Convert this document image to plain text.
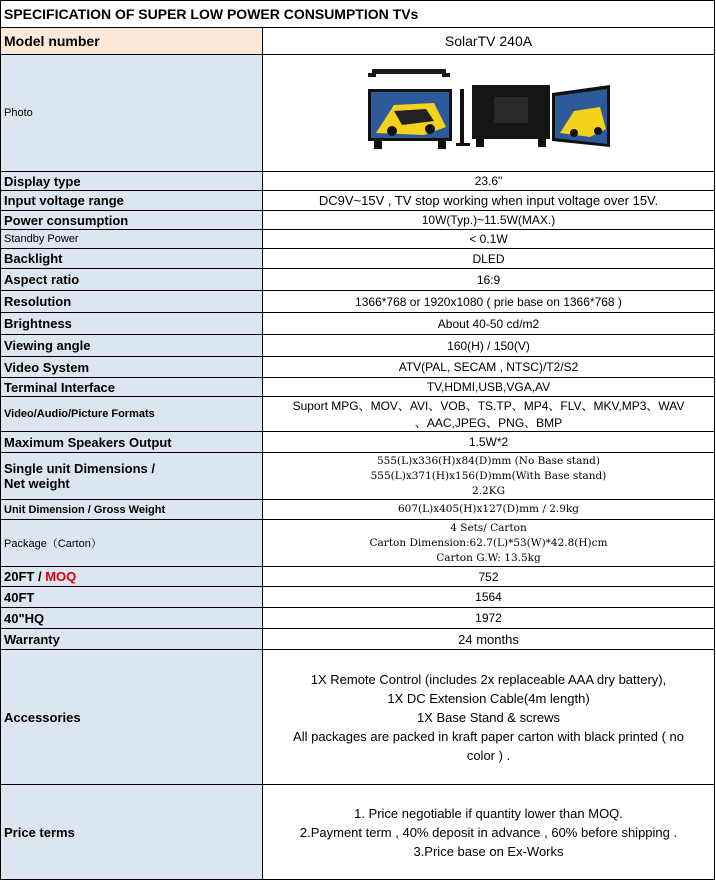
SPECIFICATION OF SUPER LOW POWER CONSUMPTION TVs	
Model number	SolarTV 240A
Photo	

Display type	23.6"
Input voltage range	DC9V~15V , TV stop working when input voltage over 15V.
Power consumption	10W(Typ.)~11.5W(MAX.)
Standby Power	< 0.1W
Backlight	DLED
Aspect ratio	16:9
Resolution	1366*768 or 1920x1080 ( prie base on 1366*768 )
Brightness	About 40-50 cd/m2
Viewing angle	160(H) / 150(V)
Video System	ATV(PAL, SECAM , NTSC)/T2/S2
Terminal Interface	TV,HDMI,USB,VGA,AV
Video/Audio/Picture Formats	Suport MPG、MOV、AVI、VOB、TS.TP、MP4、FLV、MKV,MP3、WAV
、AAC,JPEG、PNG、BMP

Maximum Speakers Output	1.5W*2

Single unit Dimensions /
Net weight	555(L)x336(H)x84(D)mm (No Base stand)
555(L)x371(H)x156(D)mm(With Base stand)
2.2KG

Unit Dimension / Gross Weight	607(L)x405(H)x127(D)mm / 2.9kg
Package（Carton）	4 Sets/ Carton
Carton Dimension:62.7(L)*53(W)*42.8(H)cm
Carton G.W: 13.5kg

20FT / MOQ	752
40FT	1564
40"HQ	1972
Warranty	24 months
Accessories	1X Remote Control (includes 2x replaceable AAA dry battery),
1X DC Extension Cable(4m length)
1X Base Stand & screws
All packages are packed in kraft paper carton with black printed ( no
color ) .

Price terms	1. Price negotiable if quantity lower than MOQ.
2.Payment term , 40% deposit in advance , 60% before shipping .
3.Price base on Ex-Works
